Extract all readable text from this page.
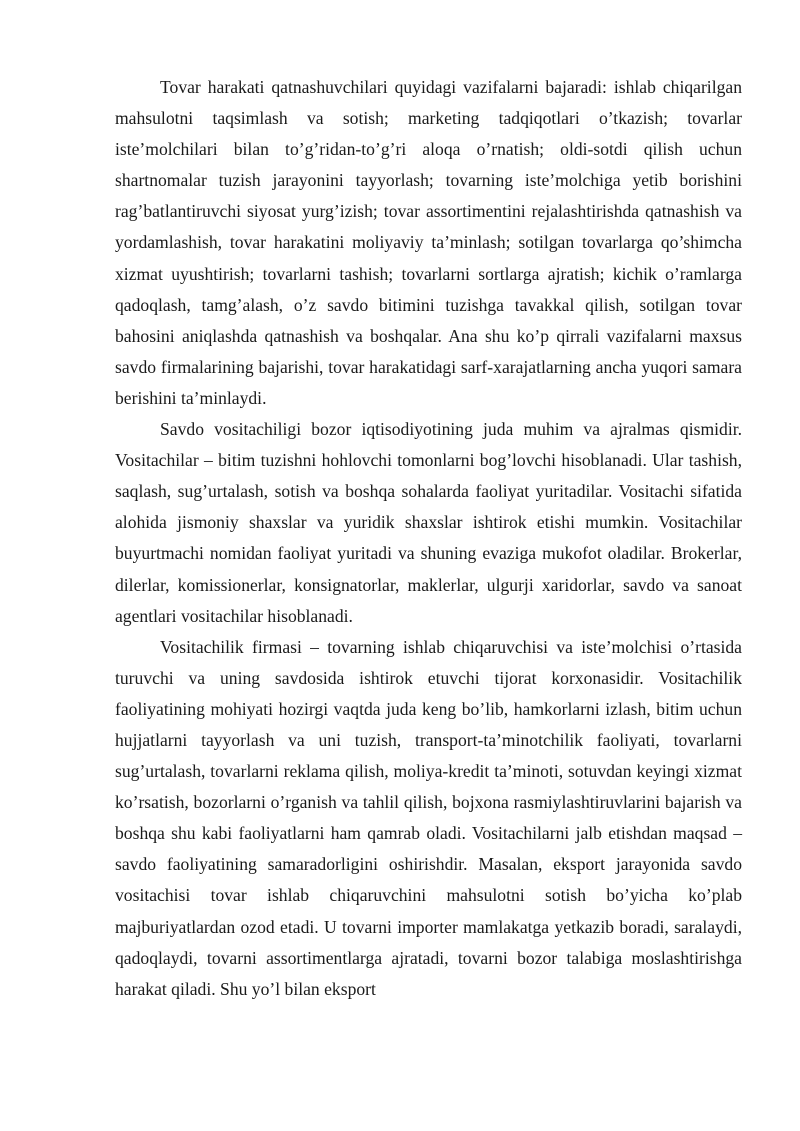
Tovar harakati qatnashuvchilari quyidagi vazifalarni bajaradi: ishlab chiqarilgan mahsulotni taqsimlash va sotish; marketing tadqiqotlari o’tkazish; tovarlar iste’molchilari bilan to’g’ridan-to’g’ri aloqa o’rnatish; oldi-sotdi qilish uchun shartnomalar tuzish jarayonini tayyorlash; tovarning iste’molchiga yetib borishini rag’batlantiruvchi siyosat yurg’izish; tovar assortimentini rejalashtirishda qatnashish va yordamlashish, tovar harakatini moliyaviy ta’minlash; sotilgan tovarlarga qo’shimcha xizmat uyushtirish; tovarlarni tashish; tovarlarni sortlarga ajratish; kichik o’ramlarga qadoqlash, tamg’alash, o’z savdo bitimini tuzishga tavakkal qilish, sotilgan tovar bahosini aniqlashda qatnashish va boshqalar. Ana shu ko’p qirrali vazifalarni maxsus savdo firmalarining bajarishi, tovar harakatidagi sarf-xarajatlarning ancha yuqori samara berishini ta’minlaydi.

Savdo vositachiligi bozor iqtisodiyotining juda muhim va ajralmas qismidir. Vositachilar – bitim tuzishni hohlovchi tomonlarni bog’lovchi hisoblanadi. Ular tashish, saqlash, sug’urtalash, sotish va boshqa sohalarda faoliyat yuritadilar. Vositachi sifatida alohida jismoniy shaxslar va yuridik shaxslar ishtirok etishi mumkin. Vositachilar buyurtmachi nomidan faoliyat yuritadi va shuning evaziga mukofot oladilar. Brokerlar, dilerlar, komissionerlar, konsignatorlar, maklerlar, ulgurji xaridorlar, savdo va sanoat agentlari vositachilar hisoblanadi.

Vositachilik firmasi – tovarning ishlab chiqaruvchisi va iste’molchisi o’rtasida turuvchi va uning savdosida ishtirok etuvchi tijorat korxonasidir. Vositachilik faoliyatining mohiyati hozirgi vaqtda juda keng bo’lib, hamkorlarni izlash, bitim uchun hujjatlarni tayyorlash va uni tuzish, transport-ta’minotchilik faoliyati, tovarlarni sug’urtalash, tovarlarni reklama qilish, moliya-kredit ta’minoti, sotuvdan keyingi xizmat ko’rsatish, bozorlarni o’rganish va tahlil qilish, bojxona rasmiylashtiruvlarini bajarish va boshqa shu kabi faoliyatlarni ham qamrab oladi. Vositachilarni jalb etishdan maqsad – savdo faoliyatining samaradorligini oshirishdir. Masalan, eksport jarayonida savdo vositachisi tovar ishlab chiqaruvchini mahsulotni sotish bo’yicha ko’plab majburiyatlardan ozod etadi. U tovarni importer mamlakatga yetkazib boradi, saralaydi, qadoqlaydi, tovarni assortimentlarga ajratadi, tovarni bozor talabiga moslashtirishga harakat qiladi. Shu yo’l bilan eksport
